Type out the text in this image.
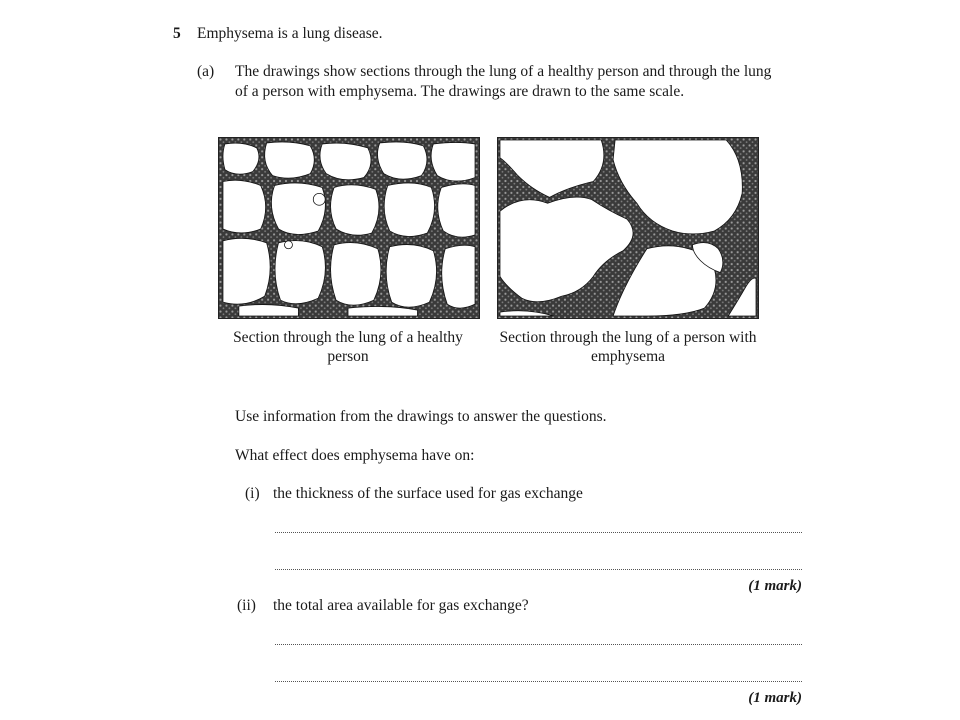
5 Emphysema is a lung disease.
(a) The drawings show sections through the lung of a healthy person and through the lung
of a person with emphysema. The drawings are drawn to the same scale.
Section through the lung of a healthy person
Section through the lung of a person with emphysema
Use information from the drawings to answer the questions.
What effect does emphysema have on:
(i) the thickness of the surface used for gas exchange
(1 mark)
(ii) the total area available for gas exchange?
(1 mark)
